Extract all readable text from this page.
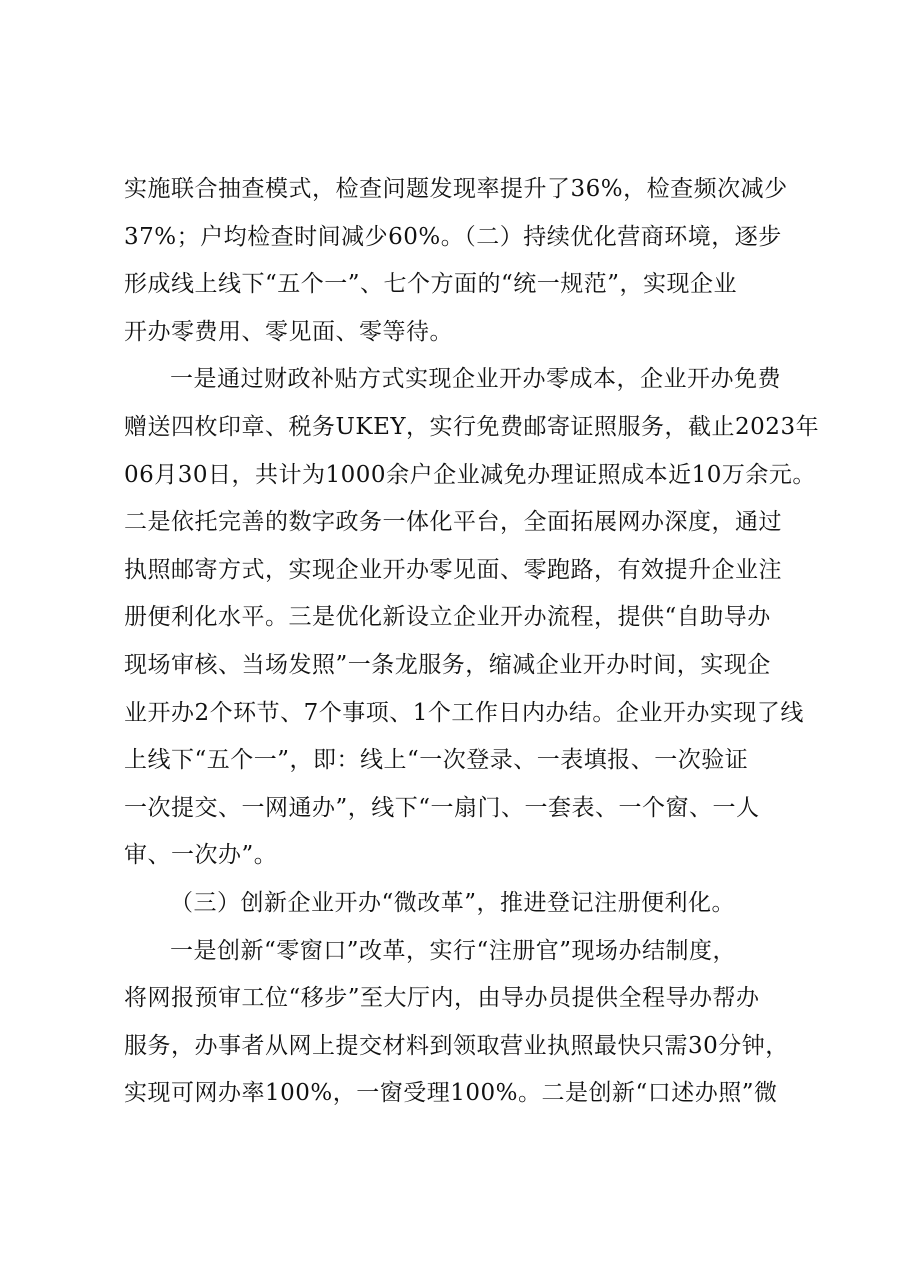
实施联合抽查模式，检查问题发现率提升了36%，检查频次减少
37%；户均检查时间减少60%。（二）持续优化营商环境，逐步
形成线上线下“五个一”、七个方面的“统一规范”，实现企业
开办零费用、零见面、零等待。
一是通过财政补贴方式实现企业开办零成本，企业开办免费
赠送四枚印章、税务UKEY，实行免费邮寄证照服务，截止2023年
06月30日，共计为1000余户企业减免办理证照成本近10万余元。
二是依托完善的数字政务一体化平台，全面拓展网办深度，通过
执照邮寄方式，实现企业开办零见面、零跑路，有效提升企业注
册便利化水平。三是优化新设立企业开办流程，提供“自助导办
现场审核、当场发照”一条龙服务，缩减企业开办时间，实现企
业开办2个环节、7个事项、1个工作日内办结。企业开办实现了线
上线下“五个一”，即：线上“一次登录、一表填报、一次验证
一次提交、一网通办”，线下“一扇门、一套表、一个窗、一人
审、一次办”。
（三）创新企业开办“微改革”，推进登记注册便利化。
一是创新“零窗口”改革，实行“注册官”现场办结制度，
将网报预审工位“移步”至大厅内，由导办员提供全程导办帮办
服务，办事者从网上提交材料到领取营业执照最快只需30分钟，
实现可网办率100%，一窗受理100%。二是创新“口述办照”微
